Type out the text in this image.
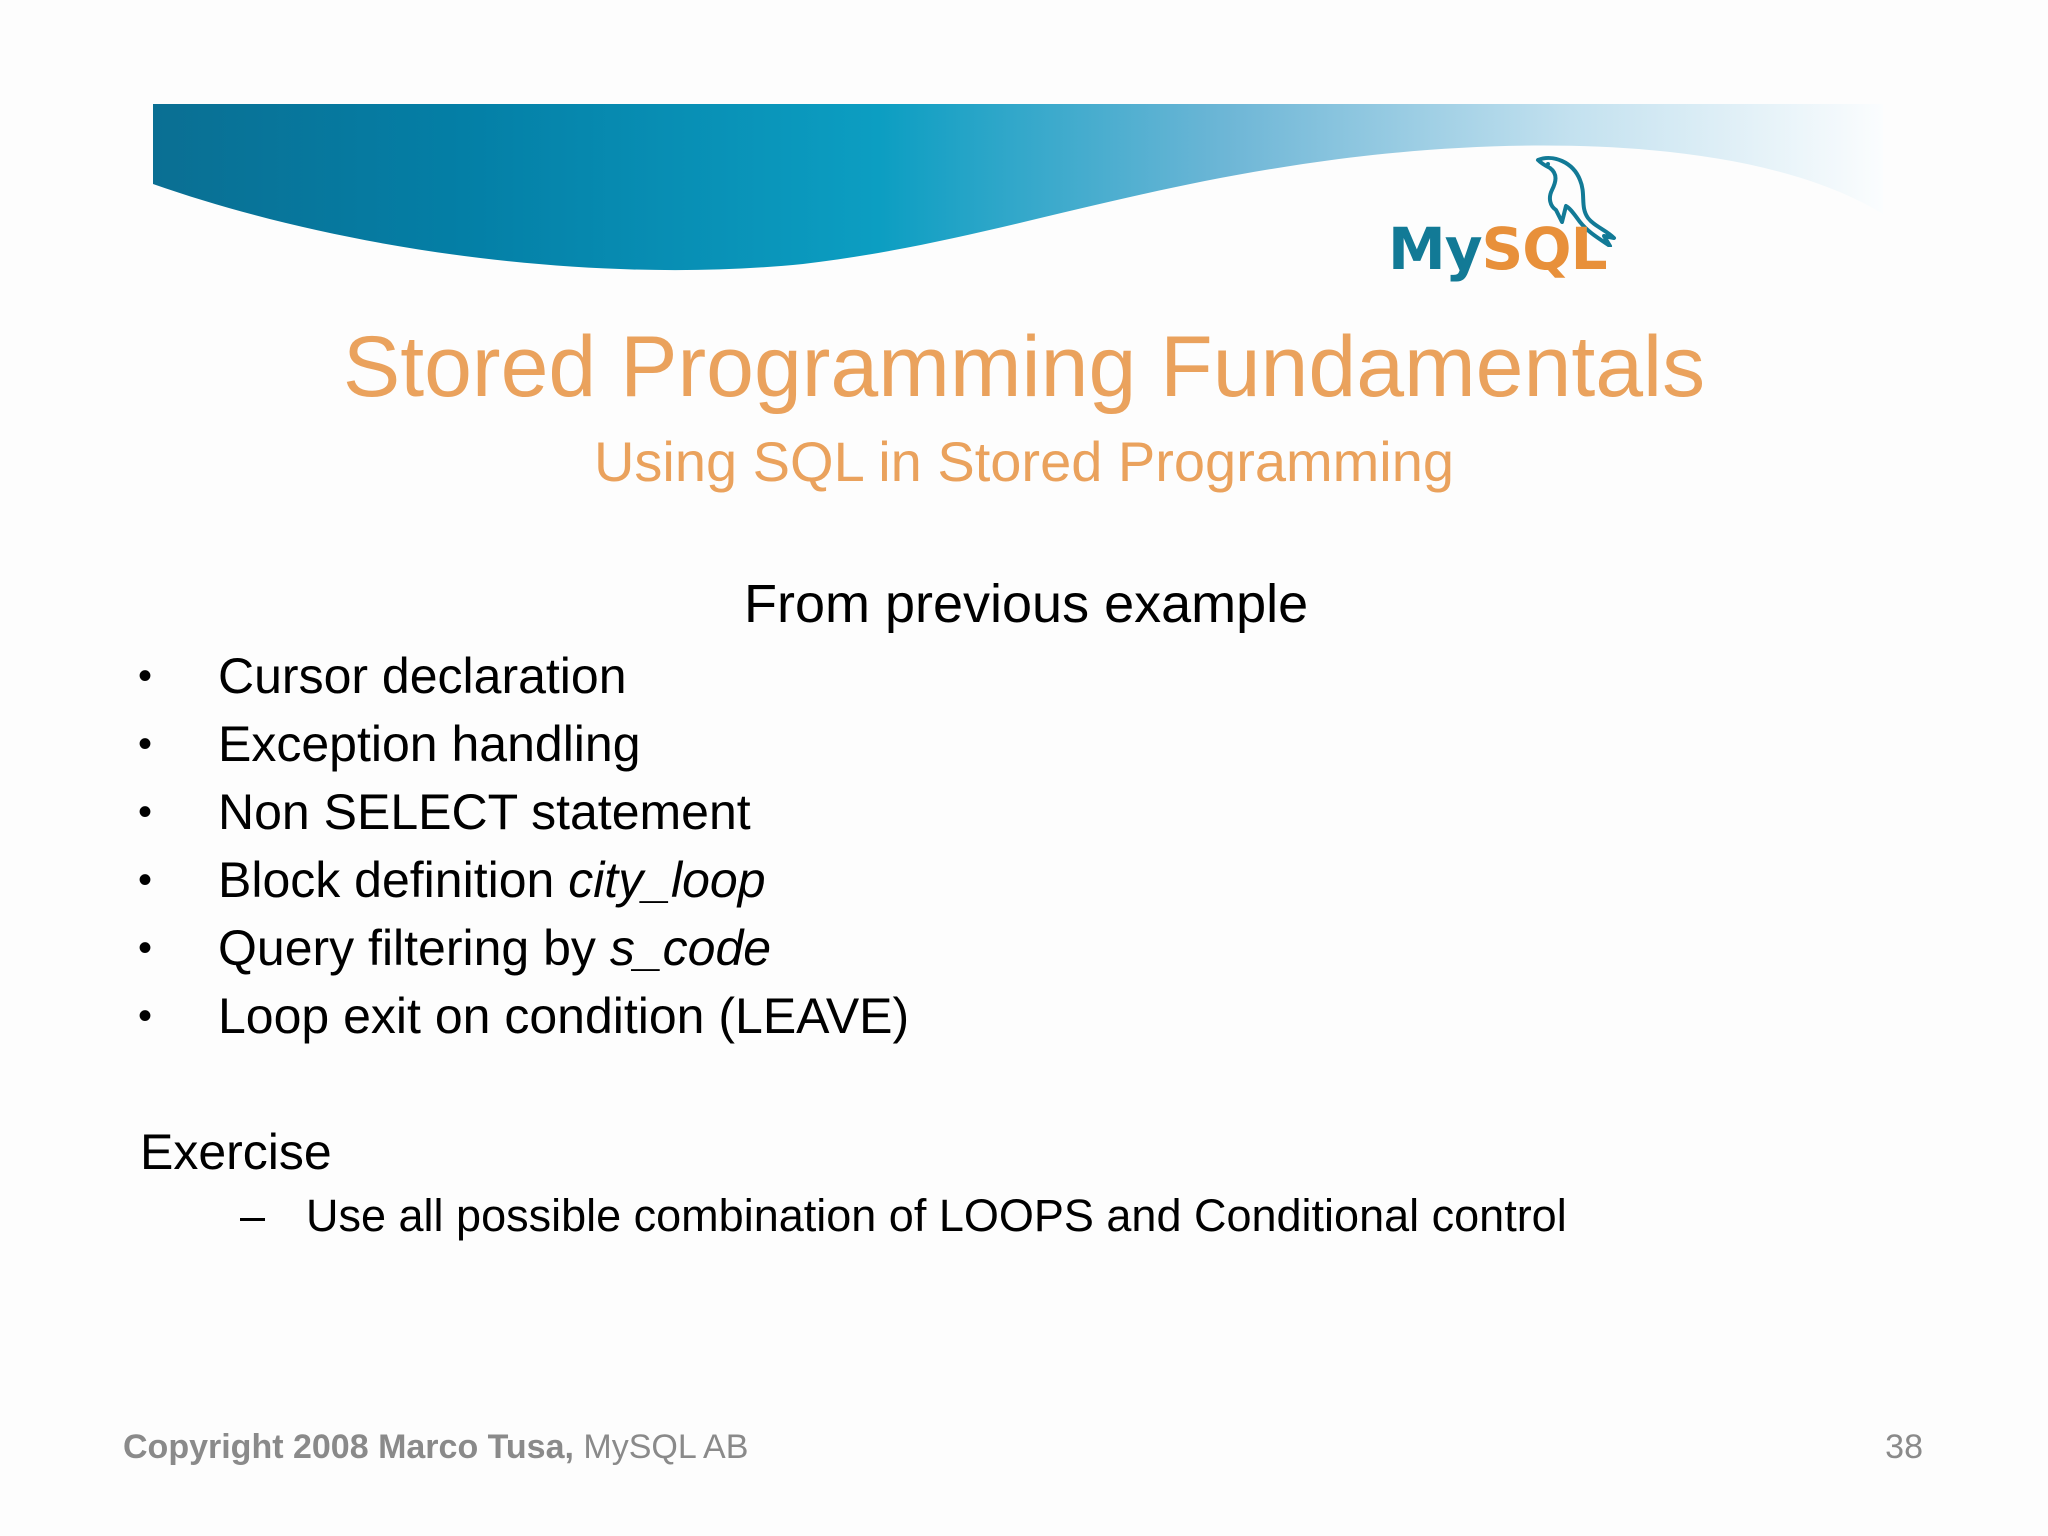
MySQL
Stored Programming Fundamentals
Using SQL in Stored Programming
From previous example
•	Cursor declaration
•	Exception handling
•	Non SELECT statement
•	Block definition city_loop
•	Query filtering by s_code
•	Loop exit on condition (LEAVE)
Exercise
– Use all possible combination of LOOPS and Conditional control
Copyright 2008 Marco Tusa, MySQL AB	38
